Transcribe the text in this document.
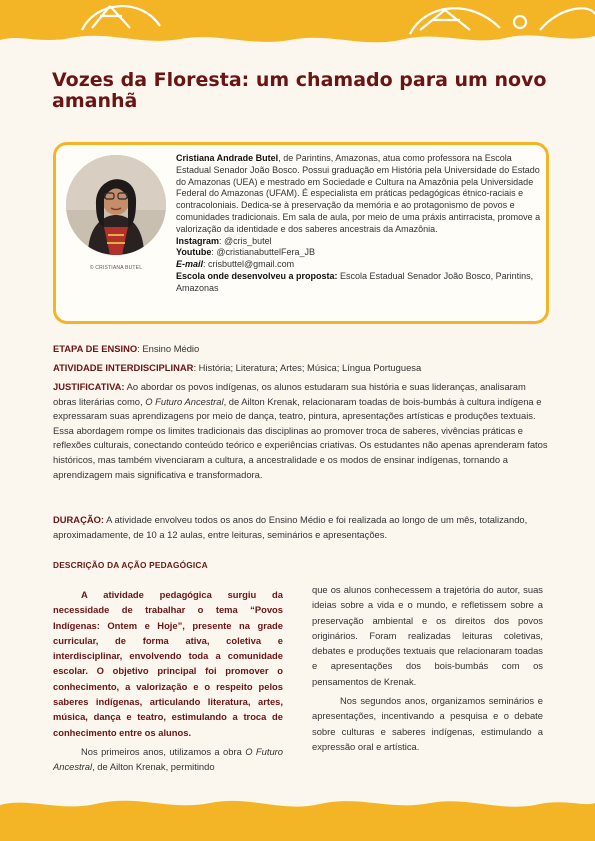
Vozes da Floresta: um chamado para um novo amanhã
© CRISTIANA BUTEL
Cristiana Andrade Butel, de Parintins, Amazonas, atua como professora na Escola Estadual Senador João Bosco. Possui graduação em História pela Universidade do Estado do Amazonas (UEA) e mestrado em Sociedade e Cultura na Amazônia pela Universidade Federal do Amazonas (UFAM). É especialista em práticas pedagógicas étnico-raciais e contracoloniais. Dedica-se à preservação da memória e ao protagonismo de povos e comunidades tradicionais. Em sala de aula, por meio de uma práxis antirracista, promove a valorização da identidade e dos saberes ancestrais da Amazônia.
Instagram: @cris_butel
Youtube: @cristianabuttelFera_JB
E-mail: crisbuttel@gmail.com
Escola onde desenvolveu a proposta: Escola Estadual Senador João Bosco, Parintins, Amazonas

ETAPA DE ENSINO: Ensino Médio

ATIVIDADE INTERDISCIPLINAR: História; Literatura; Artes; Música; Língua Portuguesa

JUSTIFICATIVA: Ao abordar os povos indígenas, os alunos estudaram sua história e suas lideranças, analisaram obras literárias como, O Futuro Ancestral, de Ailton Krenak, relacionaram toadas de bois-bumbás à cultura indígena e expressaram suas aprendizagens por meio de dança, teatro, pintura, apresentações artísticas e produções textuais. Essa abordagem rompe os limites tradicionais das disciplinas ao promover troca de saberes, vivências práticas e reflexões culturais, conectando conteúdo teórico e experiências criativas. Os estudantes não apenas aprenderam fatos históricos, mas também vivenciaram a cultura, a ancestralidade e os modos de ensinar indígenas, tornando a aprendizagem mais significativa e transformadora.

DURAÇÃO: A atividade envolveu todos os anos do Ensino Médio e foi realizada ao longo de um mês, totalizando, aproximadamente, de 10 a 12 aulas, entre leituras, seminários e apresentações.

DESCRIÇÃO DA AÇÃO PEDAGÓGICA

A atividade pedagógica surgiu da necessidade de trabalhar o tema “Povos Indígenas: Ontem e Hoje”, presente na grade curricular, de forma ativa, coletiva e interdisciplinar, envolvendo toda a comunidade escolar. O objetivo principal foi promover o conhecimento, a valorização e o respeito pelos saberes indígenas, articulando literatura, artes, música, dança e teatro, estimulando a troca de conhecimento entre os alunos.

Nos primeiros anos, utilizamos a obra O Futuro Ancestral, de Ailton Krenak, permitindo

que os alunos conhecessem a trajetória do autor, suas ideias sobre a vida e o mundo, e refletissem sobre a preservação ambiental e os direitos dos povos originários. Foram realizadas leituras coletivas, debates e produções textuais que relacionaram toadas e apresentações dos bois-bumbás com os pensamentos de Krenak.

Nos segundos anos, organizamos seminários e apresentações, incentivando a pesquisa e o debate sobre culturas e saberes indígenas, estimulando a expressão oral e artística.
